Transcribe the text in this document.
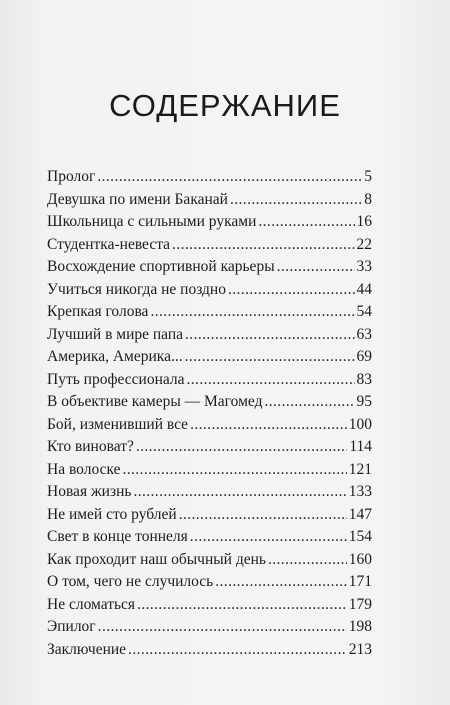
СОДЕРЖАНИЕ
Пролог .....	5
Девушка по имени Баканай .....	8
Школьница с сильными руками .....	16
Студентка-невеста .....	22
Восхождение спортивной карьеры .....	33
Учиться никогда не поздно .....	44
Крепкая голова .....	54
Лучший в мире папа .....	63
Америка, Америка... .....	69
Путь профессионала .....	83
В объективе камеры — Магомед .....	95
Бой, изменивший все .....	100
Кто виноват? .....	114
На волоске .....	121
Новая жизнь .....	133
Не имей сто рублей .....	147
Свет в конце тоннеля .....	154
Как проходит наш обычный день .....	160
О том, чего не случилось .....	171
Не сломаться .....	179
Эпилог .....	198
Заключение .....	213
